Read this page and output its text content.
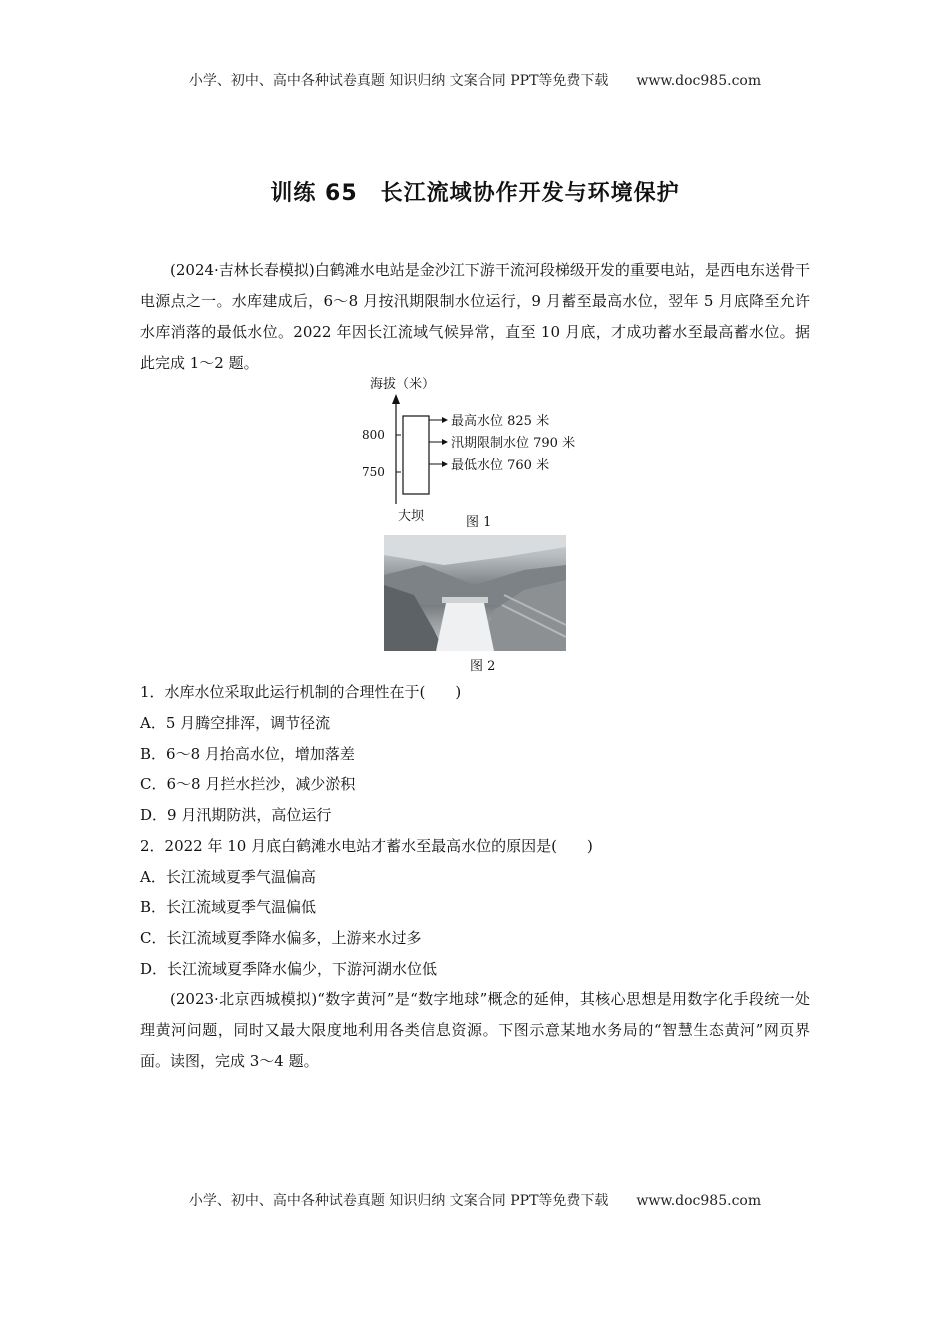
小学、初中、高中各种试卷真题 知识归纳 文案合同 PPT等免费下载 www.doc985.com
训练 65　长江流域协作开发与环境保护
(2024·吉林长春模拟)白鹤滩水电站是金沙江下游干流河段梯级开发的重要电站，是西电东送骨干电源点之一。水库建成后，6～8 月按汛期限制水位运行，9 月蓄至最高水位，翌年 5 月底降至允许水库消落的最低水位。2022 年因长江流域气候异常，直至 10 月底，才成功蓄水至最高蓄水位。据此完成 1～2 题。
海拔（米）
800
750
最高水位 825 米
汛期限制水位 790 米
最低水位 760 米
大坝	图 1
图 2
1．水库水位采取此运行机制的合理性在于(　　)
A．5 月腾空排浑，调节径流
B．6～8 月抬高水位，增加落差
C．6～8 月拦水拦沙，减少淤积
D．9 月汛期防洪，高位运行
2．2022 年 10 月底白鹤滩水电站才蓄水至最高水位的原因是(　　)
A．长江流域夏季气温偏高
B．长江流域夏季气温偏低
C．长江流域夏季降水偏多，上游来水过多
D．长江流域夏季降水偏少，下游河湖水位低
(2023·北京西城模拟)“数字黄河”是“数字地球”概念的延伸，其核心思想是用数字化手段统一处理黄河问题，同时又最大限度地利用各类信息资源。下图示意某地水务局的“智慧生态黄河”网页界面。读图，完成 3～4 题。
小学、初中、高中各种试卷真题 知识归纳 文案合同 PPT等免费下载 www.doc985.com
